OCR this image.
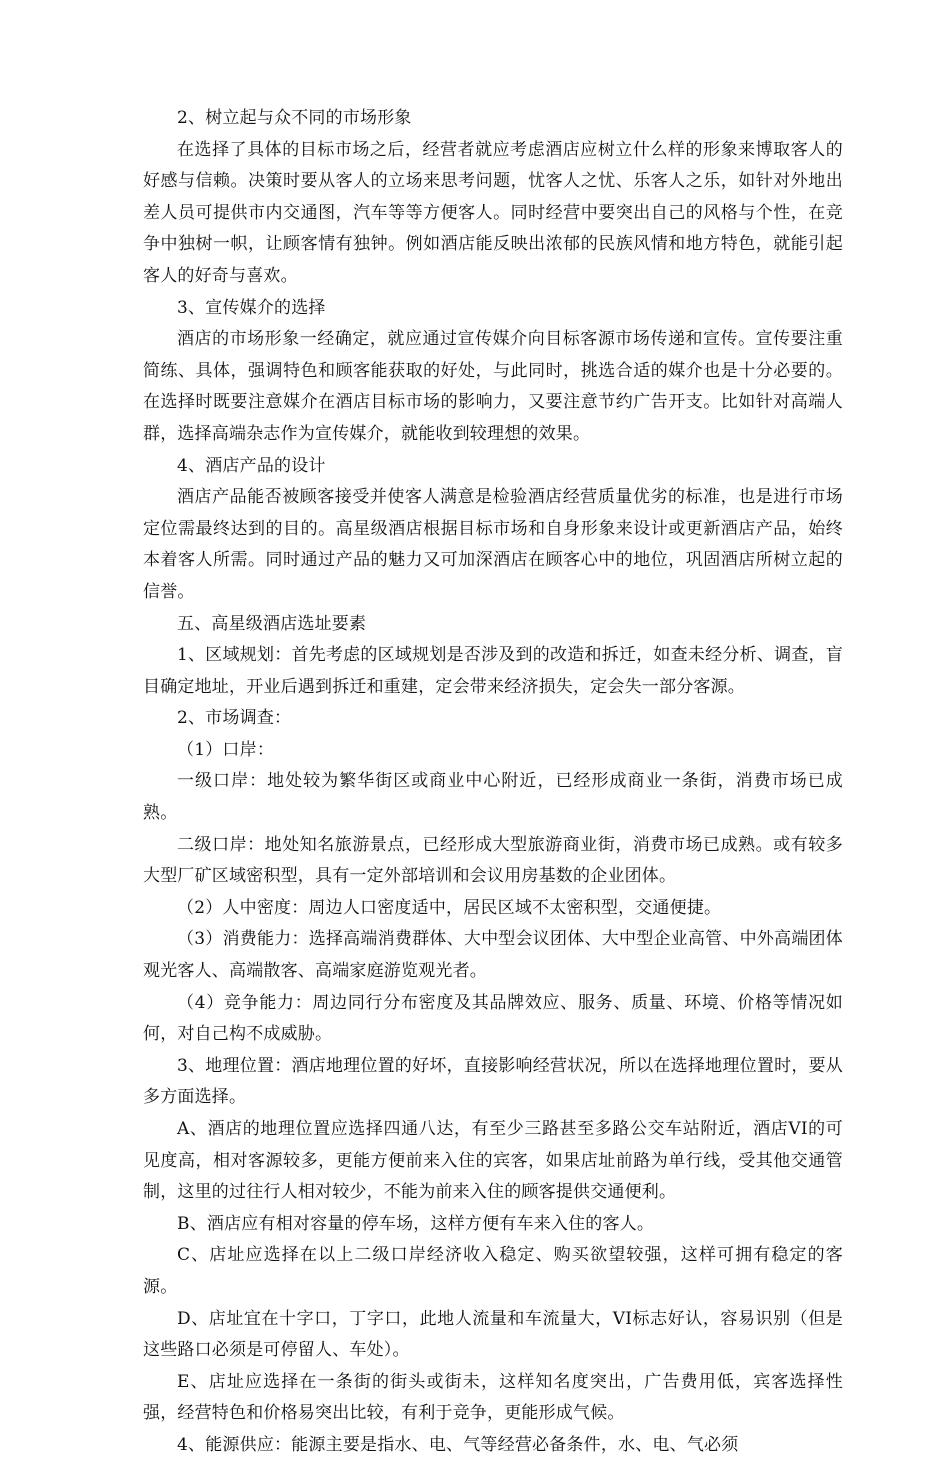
2、树立起与众不同的市场形象

在选择了具体的目标市场之后，经营者就应考虑酒店应树立什么样的形象来博取客人的好感与信赖。决策时要从客人的立场来思考问题，忧客人之忧、乐客人之乐，如针对外地出差人员可提供市内交通图，汽车等等方便客人。同时经营中要突出自己的风格与个性，在竞争中独树一帜，让顾客情有独钟。例如酒店能反映出浓郁的民族风情和地方特色，就能引起客人的好奇与喜欢。

3、宣传媒介的选择

酒店的市场形象一经确定，就应通过宣传媒介向目标客源市场传递和宣传。宣传要注重简练、具体，强调特色和顾客能获取的好处，与此同时，挑选合适的媒介也是十分必要的。在选择时既要注意媒介在酒店目标市场的影响力，又要注意节约广告开支。比如针对高端人群，选择高端杂志作为宣传媒介，就能收到较理想的效果。

4、酒店产品的设计

酒店产品能否被顾客接受并使客人满意是检验酒店经营质量优劣的标准，也是进行市场定位需最终达到的目的。高星级酒店根据目标市场和自身形象来设计或更新酒店产品，始终本着客人所需。同时通过产品的魅力又可加深酒店在顾客心中的地位，巩固酒店所树立起的信誉。

五、高星级酒店选址要素

1、区域规划：首先考虑的区域规划是否涉及到的改造和拆迁，如查未经分析、调查，盲目确定地址，开业后遇到拆迁和重建，定会带来经济损失，定会失一部分客源。

2、市场调查：

（1）口岸：

一级口岸：地处较为繁华街区或商业中心附近，已经形成商业一条街，消费市场已成熟。

二级口岸：地处知名旅游景点，已经形成大型旅游商业街，消费市场已成熟。或有较多大型厂矿区域密积型，具有一定外部培训和会议用房基数的企业团体。

（2）人中密度：周边人口密度适中，居民区域不太密积型，交通便捷。

（3）消费能力：选择高端消费群体、大中型会议团体、大中型企业高管、中外高端团体观光客人、高端散客、高端家庭游览观光者。

（4）竞争能力：周边同行分布密度及其品牌效应、服务、质量、环境、价格等情况如何，对自己构不成威胁。

3、地理位置：酒店地理位置的好坏，直接影响经营状况，所以在选择地理位置时，要从多方面选择。

A、酒店的地理位置应选择四通八达，有至少三路甚至多路公交车站附近，酒店VI的可见度高，相对客源较多，更能方便前来入住的宾客，如果店址前路为单行线，受其他交通管制，这里的过往行人相对较少，不能为前来入住的顾客提供交通便利。

B、酒店应有相对容量的停车场，这样方便有车来入住的客人。

C、店址应选择在以上二级口岸经济收入稳定、购买欲望较强，这样可拥有稳定的客源。

D、店址宜在十字口，丁字口，此地人流量和车流量大，VI标志好认，容易识别（但是这些路口必须是可停留人、车处）。

E、店址应选择在一条街的街头或街未，这样知名度突出，广告费用低，宾客选择性强，经营特色和价格易突出比较，有利于竞争，更能形成气候。

4、能源供应：能源主要是指水、电、气等经营必备条件，水、电、气必须
